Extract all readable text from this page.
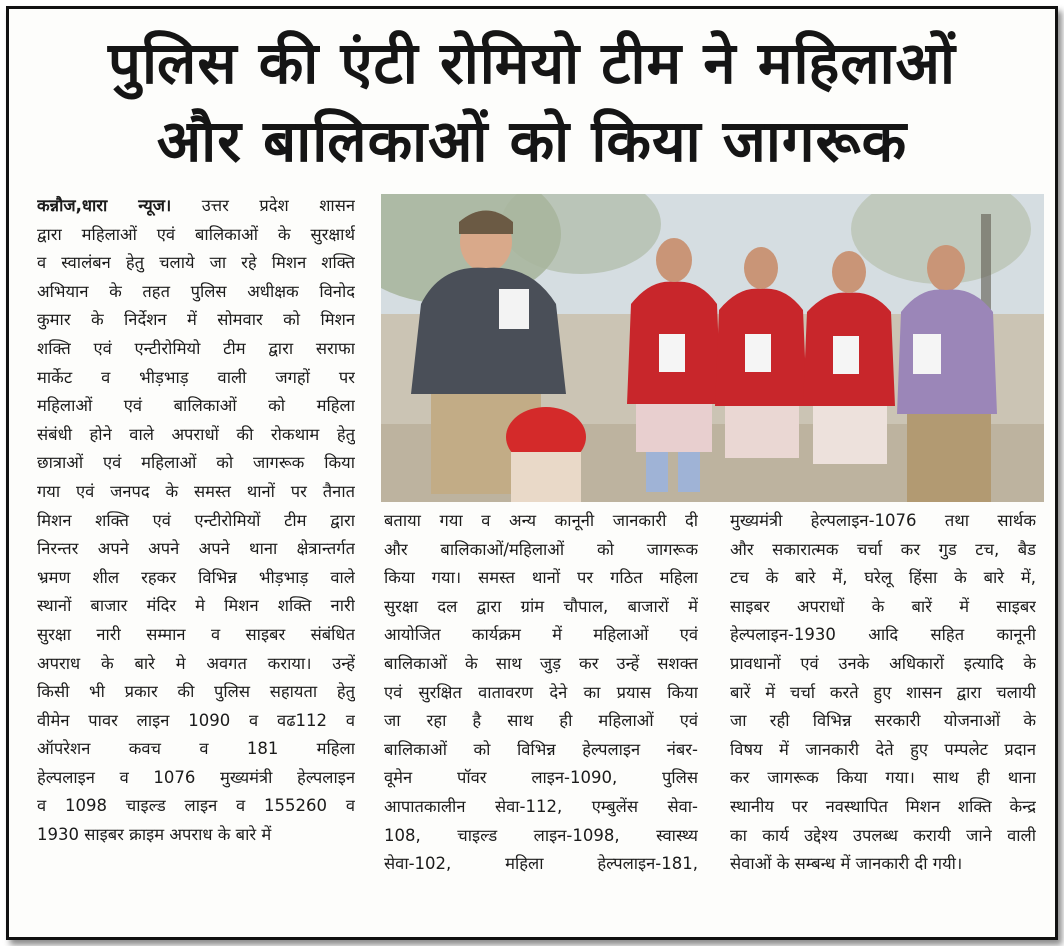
पुलिस की एंटी रोमियो टीम ने महिलाओं
और बालिकाओं को किया जागरूक
कन्नौज,धारा न्यूज। उत्तर प्रदेश शासन
द्वारा महिलाओं एवं बालिकाओं के सुरक्षार्थ
व स्वालंबन हेतु चलाये जा रहे मिशन शक्ति
अभियान के तहत पुलिस अधीक्षक विनोद
कुमार के निर्देशन में सोमवार को मिशन
शक्ति एवं एन्टीरोमियो टीम द्वारा सराफा
मार्केट व भीड़भाड़ वाली जगहों पर
महिलाओं एवं बालिकाओं को महिला
संबंधी होने वाले अपराधों की रोकथाम हेतु
छात्राओं एवं महिलाओं को जागरूक किया
गया एवं जनपद के समस्त थानों पर तैनात
मिशन शक्ति एवं एन्टीरोमियों टीम द्वारा
निरन्तर अपने अपने अपने थाना क्षेत्रान्तर्गत
भ्रमण शील रहकर विभिन्न भीड़भाड़ वाले
स्थानों बाजार मंदिर मे मिशन शक्ति नारी
सुरक्षा नारी सम्मान व साइबर संबंधित
अपराध के बारे मे अवगत कराया। उन्हें
किसी भी प्रकार की पुलिस सहायता हेतु
वीमेन पावर लाइन 1090 व वढ112 व
ऑपरेशन कवच व 181 महिला
हेल्पलाइन व 1076 मुख्यमंत्री हेल्पलाइन
व 1098 चाइल्ड लाइन व 155260 व
1930 साइबर क्राइम अपराध के बारे में
बताया गया व अन्य कानूनी जानकारी दी
और बालिकाओं/महिलाओं को जागरूक
किया गया। समस्त थानों पर गठित महिला
सुरक्षा दल द्वारा ग्रांम चौपाल, बाजारों में
आयोजित कार्यक्रम में महिलाओं एवं
बालिकाओं के साथ जुड़ कर उन्हें सशक्त
एवं सुरक्षित वातावरण देने का प्रयास किया
जा रहा है साथ ही महिलाओं एवं
बालिकाओं को विभिन्न हेल्पलाइन नंबर-
वूमेन पॉवर लाइन-1090, पुलिस
आपातकालीन सेवा-112, एम्बुलेंस सेवा-
108, चाइल्ड लाइन-1098, स्वास्थ्य
सेवा-102, महिला हेल्पलाइन-181,
मुख्यमंत्री हेल्पलाइन-1076 तथा सार्थक
और सकारात्मक चर्चा कर गुड टच, बैड
टच के बारे में, घरेलू हिंसा के बारे में,
साइबर अपराधों के बारें में साइबर
हेल्पलाइन-1930 आदि सहित कानूनी
प्रावधानों एवं उनके अधिकारों इत्यादि के
बारें में चर्चा करते हुए शासन द्वारा चलायी
जा रही विभिन्न सरकारी योजनाओं के
विषय में जानकारी देते हुए पम्पलेट प्रदान
कर जागरूक किया गया। साथ ही थाना
स्थानीय पर नवस्थापित मिशन शक्ति केन्द्र
का कार्य उद्देश्य उपलब्ध करायी जाने वाली
सेवाओं के सम्बन्ध में जानकारी दी गयी।
